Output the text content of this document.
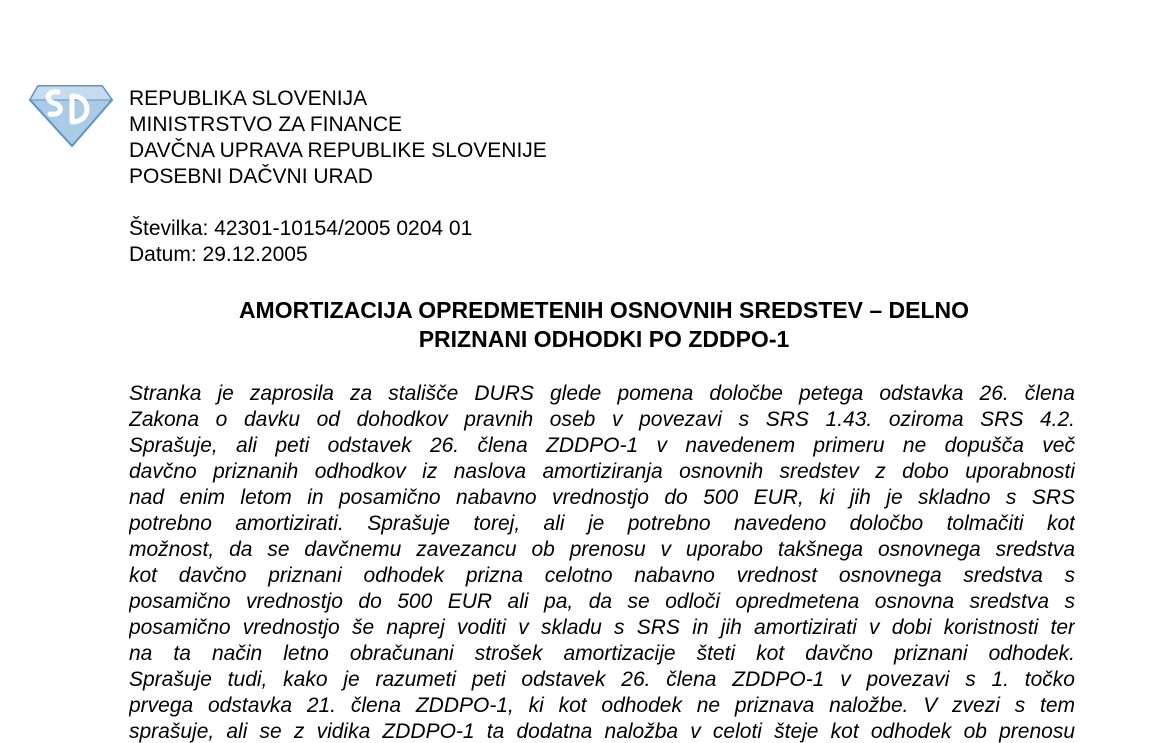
REPUBLIKA SLOVENIJA
MINISTRSTVO ZA FINANCE
DAVČNA UPRAVA REPUBLIKE SLOVENIJE
POSEBNI DAČVNI URAD
Številka: 42301-10154/2005 0204 01
Datum: 29.12.2005
AMORTIZACIJA OPREDMETENIH OSNOVNIH SREDSTEV – DELNO
PRIZNANI ODHODKI PO ZDDPO-1
Stranka je zaprosila za stališče DURS glede pomena določbe petega odstavka 26. člena
Zakona o davku od dohodkov pravnih oseb v povezavi s SRS 1.43. oziroma SRS 4.2.
Sprašuje, ali peti odstavek 26. člena ZDDPO-1 v navedenem primeru ne dopušča več
davčno priznanih odhodkov iz naslova amortiziranja osnovnih sredstev z dobo uporabnosti
nad enim letom in posamično nabavno vrednostjo do 500 EUR, ki jih je skladno s SRS
potrebno amortizirati. Sprašuje torej, ali je potrebno navedeno določbo tolmačiti kot
možnost, da se davčnemu zavezancu ob prenosu v uporabo takšnega osnovnega sredstva
kot davčno priznani odhodek prizna celotno nabavno vrednost osnovnega sredstva s
posamično vrednostjo do 500 EUR ali pa, da se odloči opredmetena osnovna sredstva s
posamično vrednostjo še naprej voditi v skladu s SRS in jih amortizirati v dobi koristnosti ter
na ta način letno obračunani strošek amortizacije šteti kot davčno priznani odhodek.
Sprašuje tudi, kako je razumeti peti odstavek 26. člena ZDDPO-1 v povezavi s 1. točko
prvega odstavka 21. člena ZDDPO-1, ki kot odhodek ne priznava naložbe. V zvezi s tem
sprašuje, ali se z vidika ZDDPO-1 ta dodatna naložba v celoti šteje kot odhodek ob prenosu
